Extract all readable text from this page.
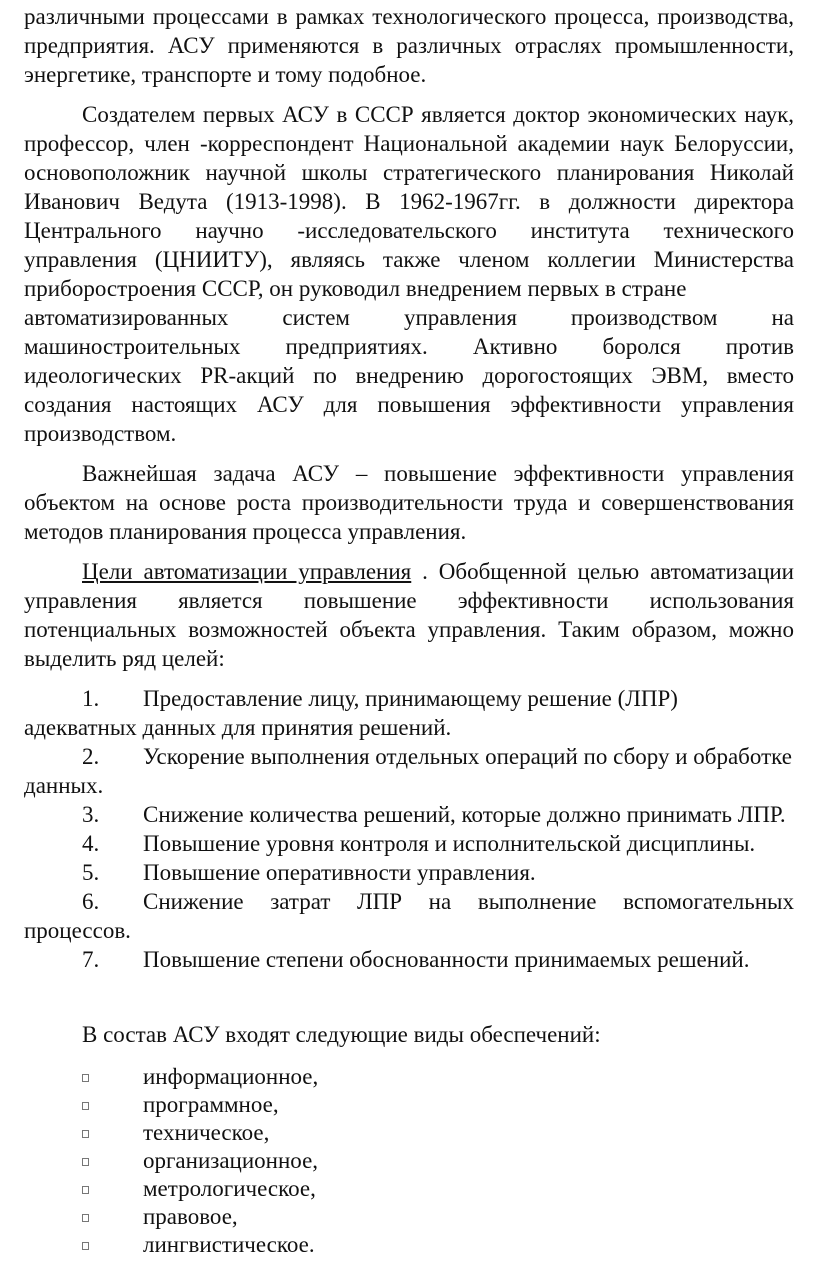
различными процессами в рамках технологического процесса, производства, предприятия. АСУ применяются в различных отраслях промышленности, энергетике, транспорте и тому подобное.

Создателем первых АСУ в СССР является доктор экономических наук, профессор, член -корреспондент Национальной академии наук Белоруссии, основоположник научной школы стратегического планирования Николай Иванович Ведута (1913-1998). В 1962-1967гг. в должности директора Центрального научно -исследовательского института технического управления (ЦНИИТУ), являясь также членом коллегии Министерства приборостроения СССР, он руководил внедрением первых в стране

автоматизированных систем управления производством на машиностроительных предприятиях. Активно боролся против идеологических PR-акций по внедрению дорогостоящих ЭВМ, вместо создания настоящих АСУ для повышения эффективности управления производством.

Важнейшая задача АСУ – повышение эффективности управления объектом на основе роста производительности труда и совершенствования методов планирования процесса управления.

Цели автоматизации управления . Обобщенной целью автоматизации управления является повышение эффективности использования потенциальных возможностей объекта управления. Таким образом, можно выделить ряд целей:

1. Предоставление лицу, принимающему решение (ЛПР) адекватных данных для принятия решений.

2. Ускорение выполнения отдельных операций по сбору и обработке данных.

3. Снижение количества решений, которые должно принимать ЛПР.

4. Повышение уровня контроля и исполнительской дисциплины.

5. Повышение оперативности управления.

6. Снижение затрат ЛПР на выполнение вспомогательных процессов.

7. Повышение степени обоснованности принимаемых решений.

В состав АСУ входят следующие виды обеспечений:

информационное,
программное,
техническое,
организационное,
метрологическое,
правовое,
лингвистическое.
